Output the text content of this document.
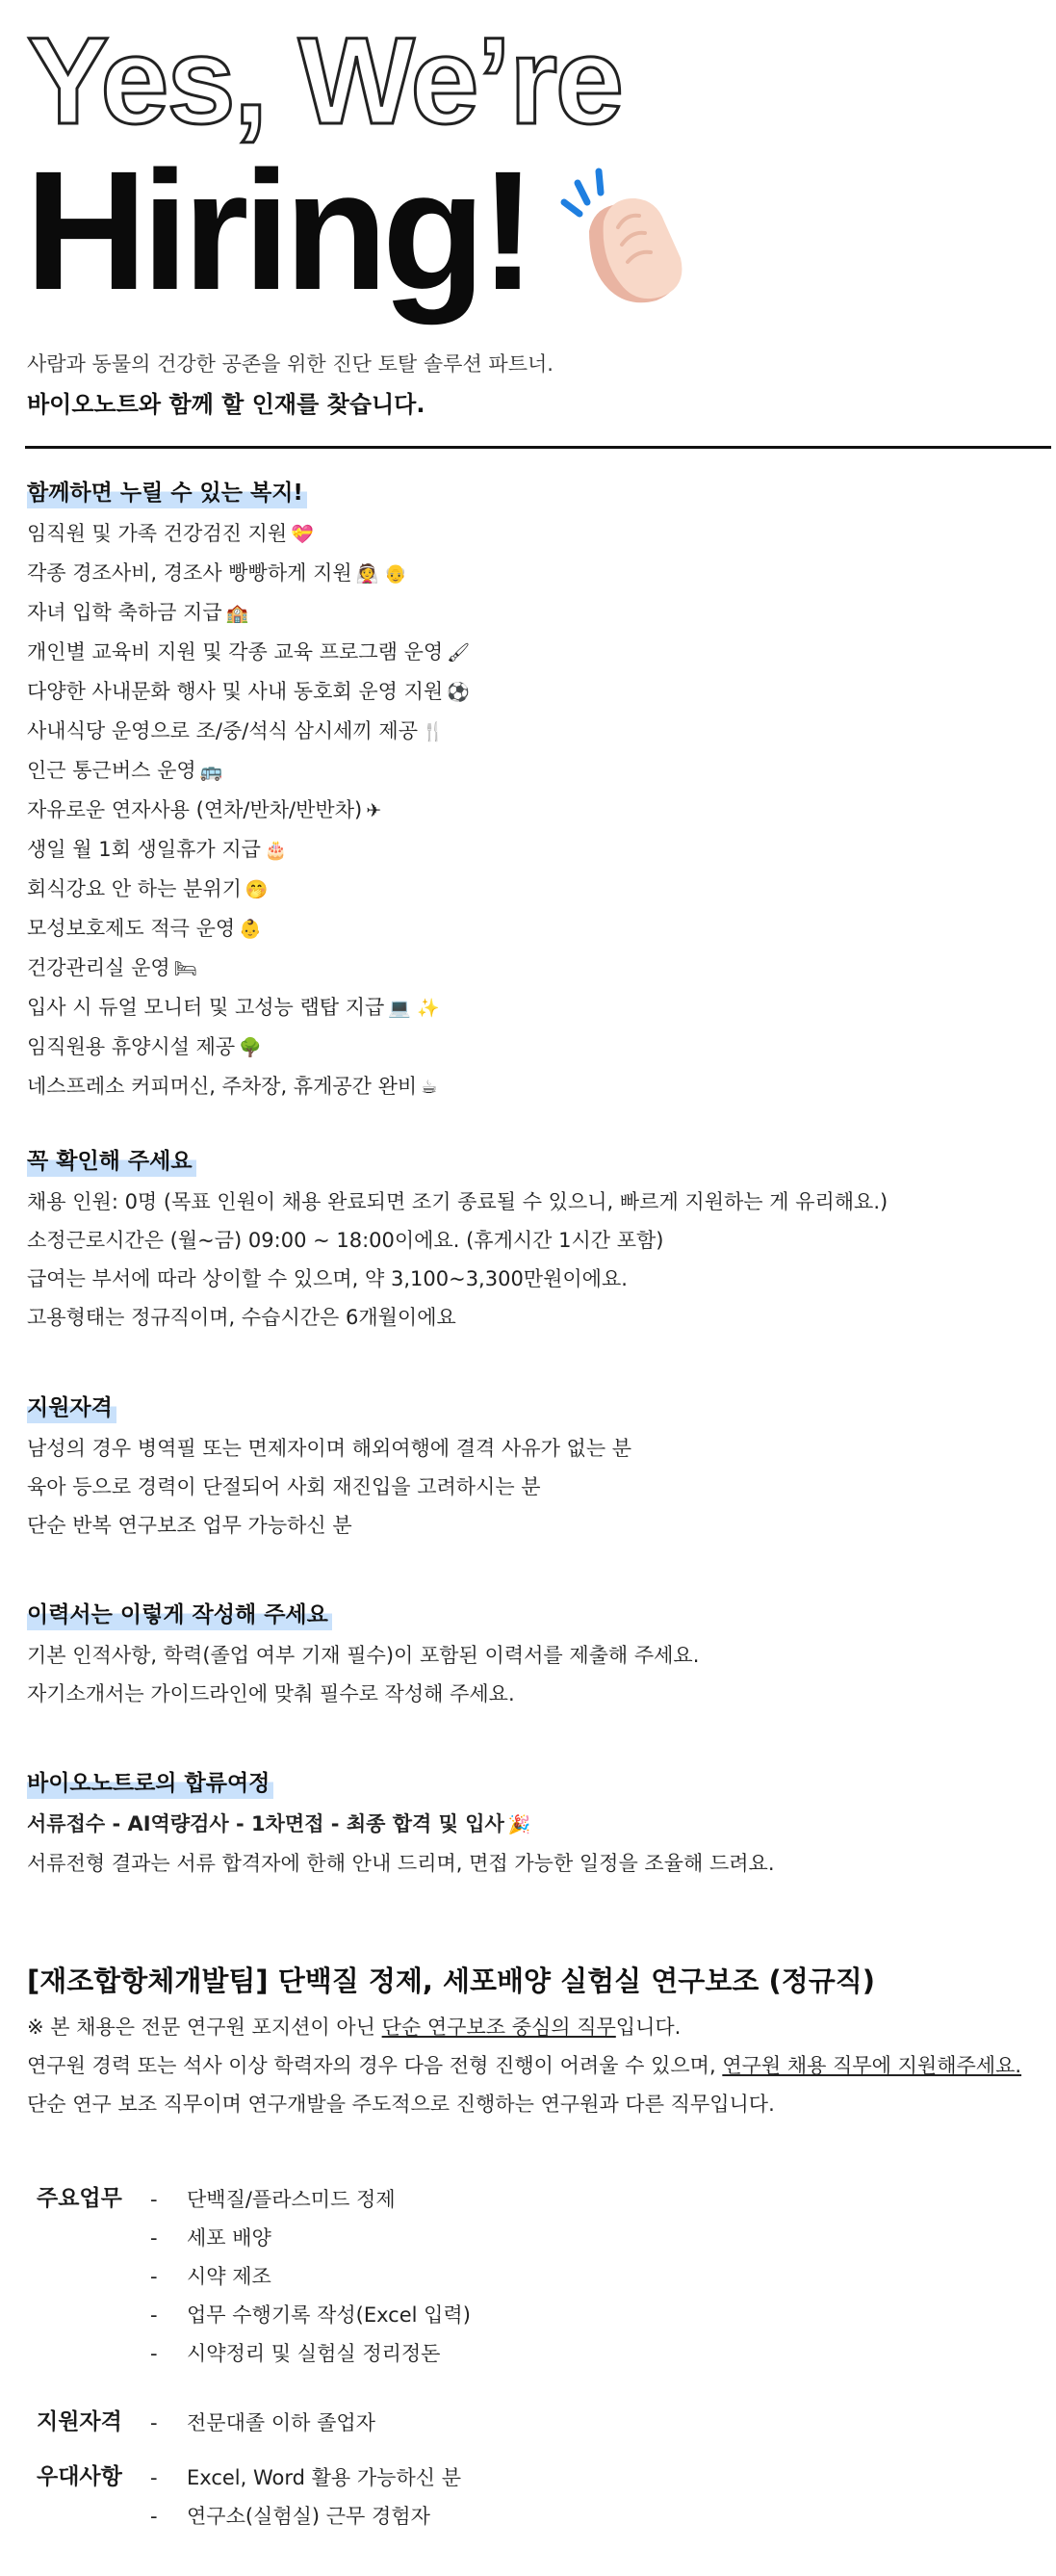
Yes, We’re
Hiring!
사람과 동물의 건강한 공존을 위한 진단 토탈 솔루션 파트너.
바이오노트와 함께 할 인재를 찾습니다.
함께하면 누릴 수 있는 복지!
임직원 및 가족 건강검진 지원 💝
각종 경조사비, 경조사 빵빵하게 지원 👰 👴
자녀 입학 축하금 지급 🏫
개인별 교육비 지원 및 각종 교육 프로그램 운영 🖌
다양한 사내문화 행사 및 사내 동호회 운영 지원 ⚽
사내식당 운영으로 조/중/석식 삼시세끼 제공 🍴
인근 통근버스 운영 🚌
자유로운 연자사용 (연차/반차/반반차) ✈
생일 월 1회 생일휴가 지급 🎂
회식강요 안 하는 분위기 🤭
모성보호제도 적극 운영 👶
건강관리실 운영 🛏
입사 시 듀얼 모니터 및 고성능 랩탑 지급 💻 ✨
임직원용 휴양시설 제공 🌳
네스프레소 커피머신, 주차장, 휴게공간 완비 ☕
꼭 확인해 주세요
채용 인원: 0명 (목표 인원이 채용 완료되면 조기 종료될 수 있으니, 빠르게 지원하는 게 유리해요.)
소정근로시간은 (월~금) 09:00 ~ 18:00이에요. (휴게시간 1시간 포함)
급여는 부서에 따라 상이할 수 있으며, 약 3,100~3,300만원이에요.
고용형태는 정규직이며, 수습시간은 6개월이에요
지원자격
남성의 경우 병역필 또는 면제자이며 해외여행에 결격 사유가 없는 분
육아 등으로 경력이 단절되어 사회 재진입을 고려하시는 분
단순 반복 연구보조 업무 가능하신 분
이력서는 이렇게 작성해 주세요
기본 인적사항, 학력(졸업 여부 기재 필수)이 포함된 이력서를 제출해 주세요.
자기소개서는 가이드라인에 맞춰 필수로 작성해 주세요.
바이오노트로의 합류여정
서류접수 - AI역량검사 - 1차면접 - 최종 합격 및 입사 🎉
서류전형 결과는 서류 합격자에 한해 안내 드리며, 면접 가능한 일정을 조율해 드려요.
[재조합항체개발팀] 단백질 정제, 세포배양 실험실 연구보조 (정규직)
※ 본 채용은 전문 연구원 포지션이 아닌 단순 연구보조 중심의 직무입니다.
연구원 경력 또는 석사 이상 학력자의 경우 다음 전형 진행이 어려울 수 있으며, 연구원 채용 직무에 지원해주세요.
단순 연구 보조 직무이며 연구개발을 주도적으로 진행하는 연구원과 다른 직무입니다.
주요업무	- 단백질/플라스미드 정제
- 세포 배양
- 시약 제조
- 업무 수행기록 작성(Excel 입력)
- 시약정리 및 실험실 정리정돈
지원자격	- 전문대졸 이하 졸업자
우대사항	- Excel, Word 활용 가능하신 분
- 연구소(실험실) 근무 경험자
